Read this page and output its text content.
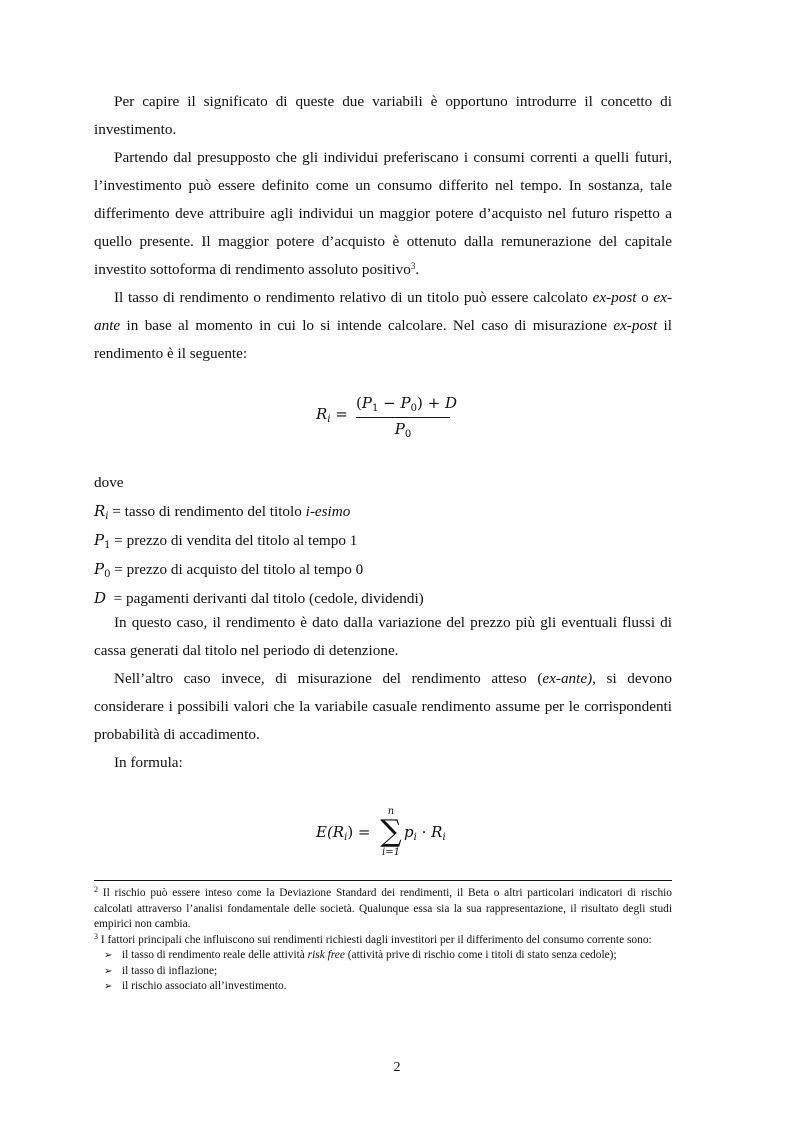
Per capire il significato di queste due variabili è opportuno introdurre il concetto di investimento.

Partendo dal presupposto che gli individui preferiscano i consumi correnti a quelli futuri, l’investimento può essere definito come un consumo differito nel tempo. In sostanza, tale differimento deve attribuire agli individui un maggior potere d’acquisto nel futuro rispetto a quello presente. Il maggior potere d’acquisto è ottenuto dalla remunerazione del capitale investito sottoforma di rendimento assoluto positivo$^3$.

Il tasso di rendimento o rendimento relativo di un titolo può essere calcolato ex-post o ex-ante in base al momento in cui lo si intende calcolare. Nel caso di misurazione ex-post il rendimento è il seguente:

$R_i$ =
$(P_1 - P_0) + D$
$P_0$

dove

$R_i$ = tasso di rendimento del titolo i-esimo

$P_1$ = prezzo di vendita del titolo al tempo 1

$P_0$ = prezzo di acquisto del titolo al tempo 0

D  = pagamenti derivanti dal titolo (cedole, dividendi)

In questo caso, il rendimento è dato dalla variazione del prezzo più gli eventuali flussi di cassa generati dal titolo nel periodo di detenzione.

Nell’altro caso invece, di misurazione del rendimento atteso (ex-ante), si devono considerare i possibili valori che la variabile casuale rendimento assume per le corrispondenti probabilità di accadimento.

In formula:

$E(R_i)$ =
n
∑
i=1
$p_i \cdot R_i$

$^2$ Il rischio può essere inteso come la Deviazione Standard dei rendimenti, il Beta o altri particolari indicatori di rischio calcolati attraverso l’analisi fondamentale delle società. Qualunque essa sia la sua rappresentazione, il risultato degli studi empirici non cambia.

$^3$ I fattori principali che influiscono sui rendimenti richiesti dagli investitori per il differimento del consumo corrente sono:

➢ il tasso di rendimento reale delle attività risk free (attività prive di rischio come i titoli di stato senza cedole);
➢ il tasso di inflazione;
➢ il rischio associato all’investimento.
2
